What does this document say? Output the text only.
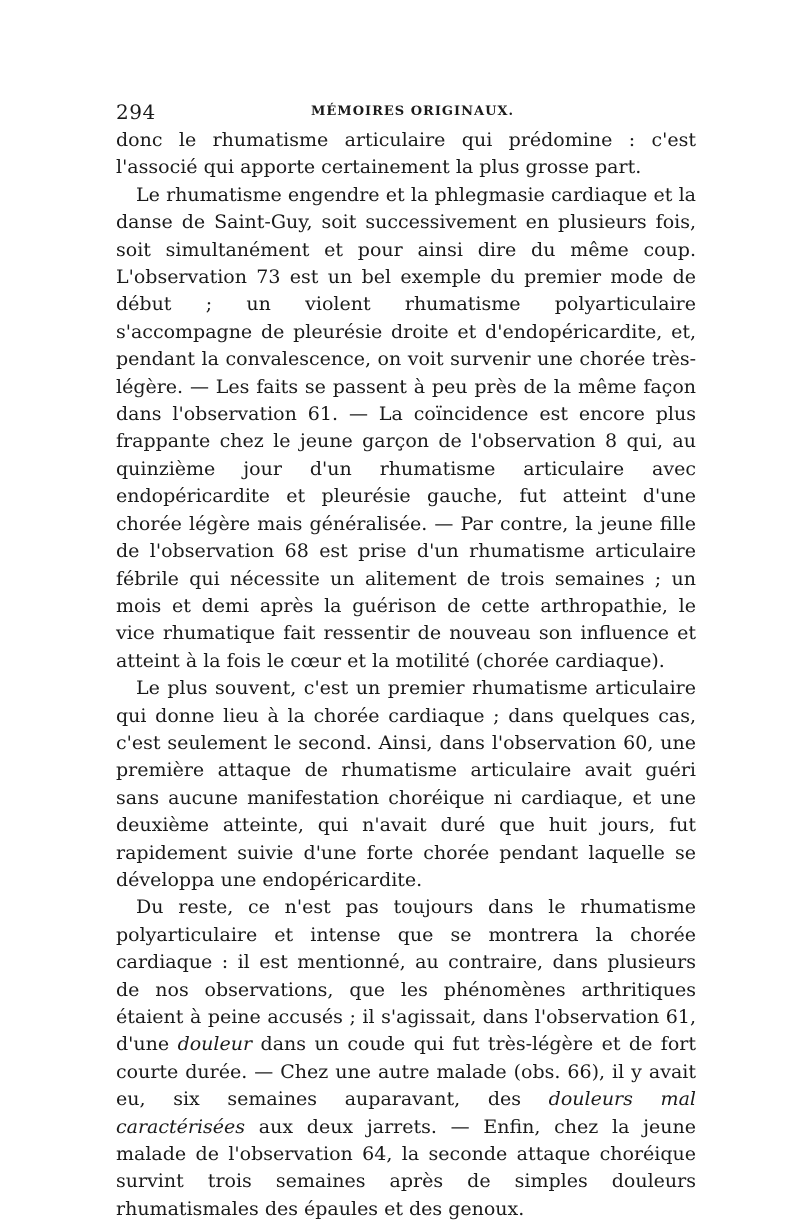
294	MÉMOIRES ORIGINAUX.

donc le rhumatisme articulaire qui prédomine : c'est l'associé qui apporte certainement la plus grosse part.

Le rhumatisme engendre et la phlegmasie cardiaque et la danse de Saint-Guy, soit successivement en plusieurs fois, soit simultanément et pour ainsi dire du même coup. L'observation 73 est un bel exemple du premier mode de début ; un violent rhumatisme polyarticulaire s'accompagne de pleurésie droite et d'endopéricardite, et, pendant la convalescence, on voit survenir une chorée très-légère. — Les faits se passent à peu près de la même façon dans l'observation 61. — La coïncidence est encore plus frappante chez le jeune garçon de l'observation 8 qui, au quinzième jour d'un rhumatisme articulaire avec endopéricardite et pleurésie gauche, fut atteint d'une chorée légère mais généralisée. — Par contre, la jeune fille de l'observation 68 est prise d'un rhumatisme articulaire fébrile qui nécessite un alitement de trois semaines ; un mois et demi après la guérison de cette arthropathie, le vice rhumatique fait ressentir de nouveau son influence et atteint à la fois le cœur et la motilité (chorée cardiaque).

Le plus souvent, c'est un premier rhumatisme articulaire qui donne lieu à la chorée cardiaque ; dans quelques cas, c'est seulement le second. Ainsi, dans l'observation 60, une première attaque de rhumatisme articulaire avait guéri sans aucune manifestation choréique ni cardiaque, et une deuxième atteinte, qui n'avait duré que huit jours, fut rapidement suivie d'une forte chorée pendant laquelle se développa une endopéricardite.

Du reste, ce n'est pas toujours dans le rhumatisme polyarticulaire et intense que se montrera la chorée cardiaque : il est mentionné, au contraire, dans plusieurs de nos observations, que les phénomènes arthritiques étaient à peine accusés ; il s'agissait, dans l'observation 61, d'une douleur dans un coude qui fut très-légère et de fort courte durée. — Chez une autre malade (obs. 66), il y avait eu, six semaines auparavant, des douleurs mal caractérisées aux deux jarrets. — Enfin, chez la jeune malade de l'observation 64, la seconde attaque choréique survint trois semaines après de simples douleurs rhumatismales des épaules et des genoux.
